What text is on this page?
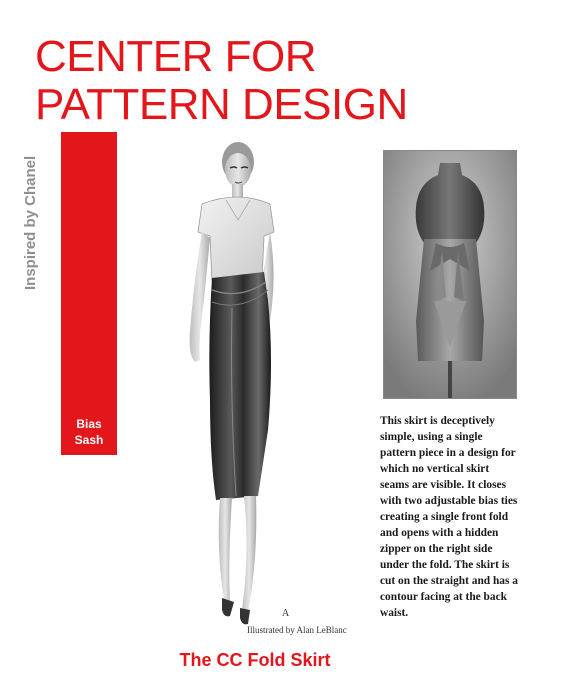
CENTER FOR
PATTERN DESIGN
Inspired by Chanel
Bias
Sash
A
Illustrated by Alan LeBlanc

This skirt is deceptively simple, using a single pattern piece in a design for which no vertical skirt seams are visible. It closes with two adjustable bias ties creating a single front fold and opens with a hidden zipper on the right side under the fold. The skirt is cut on the straight and has a contour facing at the back waist.

The CC Fold Skirt
